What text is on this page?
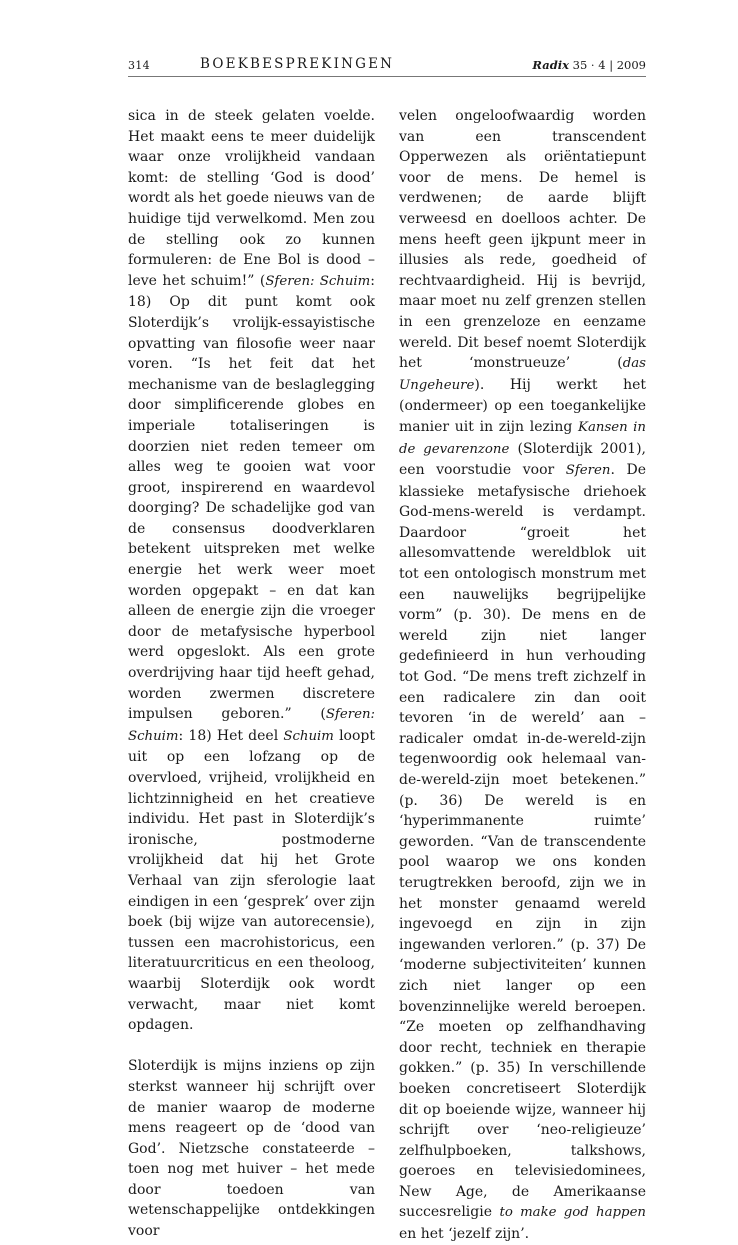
314	BOEKBESPREKINGEN	Radix 35 · 4 | 2009

sica in de steek gelaten voelde. Het maakt eens te meer duidelijk waar onze vrolijkheid vandaan komt: de stelling ‘God is dood’ wordt als het goede nieuws van de huidige tijd verwelkomd. Men zou de stelling ook zo kunnen formuleren: de Ene Bol is dood – leve het schuim!” (Sferen: Schuim: 18) Op dit punt komt ook Sloterdijk’s vrolijk-essayistische opvatting van filosofie weer naar voren. “Is het feit dat het mechanisme van de beslaglegging door simplificerende globes en imperiale totaliseringen is doorzien niet reden temeer om alles weg te gooien wat voor groot, inspirerend en waardevol doorging? De schadelijke god van de consensus doodverklaren betekent uitspreken met welke energie het werk weer moet worden opgepakt – en dat kan alleen de energie zijn die vroeger door de metafysische hyperbool werd opgeslokt. Als een grote overdrijving haar tijd heeft gehad, worden zwermen discretere impulsen geboren.” (Sferen: Schuim: 18) Het deel Schuim loopt uit op een lofzang op de overvloed, vrijheid, vrolijkheid en lichtzinnigheid en het creatieve individu. Het past in Sloterdijk’s ironische, postmoderne vrolijkheid dat hij het Grote Verhaal van zijn sferologie laat eindigen in een ‘gesprek’ over zijn boek (bij wijze van autorecensie), tussen een macrohistoricus, een literatuurcriticus en een theoloog, waarbij Sloterdijk ook wordt verwacht, maar niet komt opdagen.

Sloterdijk is mijns inziens op zijn sterkst wanneer hij schrijft over de manier waarop de moderne mens reageert op de ‘dood van God’. Nietzsche constateerde – toen nog met huiver – het mede door toedoen van wetenschappelijke ontdekkingen voor

velen ongeloofwaardig worden van een transcendent Opperwezen als oriëntatiepunt voor de mens. De hemel is verdwenen; de aarde blijft verweesd en doelloos achter. De mens heeft geen ijkpunt meer in illusies als rede, goedheid of rechtvaardigheid. Hij is bevrijd, maar moet nu zelf grenzen stellen in een grenzeloze en eenzame wereld. Dit besef noemt Sloterdijk het ‘monstrueuze’ (das Ungeheure). Hij werkt het (ondermeer) op een toegankelijke manier uit in zijn lezing Kansen in de gevarenzone (Sloterdijk 2001), een voorstudie voor Sferen. De klassieke metafysische driehoek God-mens-wereld is verdampt. Daardoor “groeit het allesomvattende wereldblok uit tot een ontologisch monstrum met een nauwelijks begrijpelijke vorm” (p. 30). De mens en de wereld zijn niet langer gedefinieerd in hun verhouding tot God. “De mens treft zichzelf in een radicalere zin dan ooit tevoren ‘in de wereld’ aan – radicaler omdat in-de-wereld-zijn tegenwoordig ook helemaal van-de-wereld-zijn moet betekenen.” (p. 36) De wereld is en ‘hyperimmanente ruimte’ geworden. “Van de transcendente pool waarop we ons konden terugtrekken beroofd, zijn we in het monster genaamd wereld ingevoegd en zijn in zijn ingewanden verloren.” (p. 37) De ‘moderne subjectiviteiten’ kunnen zich niet langer op een bovenzinnelijke wereld beroepen. “Ze moeten op zelfhandhaving door recht, techniek en therapie gokken.” (p. 35) In verschillende boeken concretiseert Sloterdijk dit op boeiende wijze, wanneer hij schrijft over ‘neo-religieuze’ zelfhulpboeken, talkshows, goeroes en televisiedominees, New Age, de Amerikaanse succesreligie to make god happen en het ‘jezelf zijn’.
